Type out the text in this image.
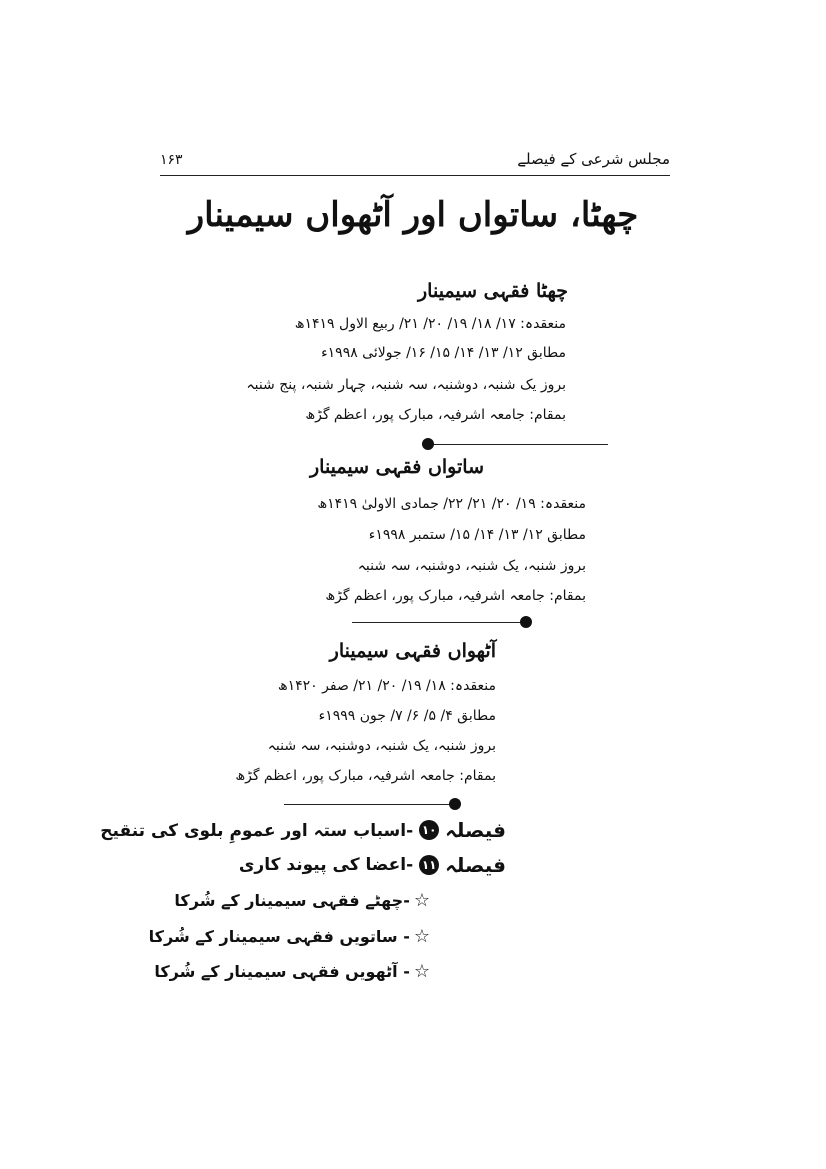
مجلس شرعی کے فیصلے
۱۶۳
چھٹا، ساتواں اور آٹھواں سیمینار
چھٹا فقہی سیمینار
منعقدہ: ۱۷/ ۱۸/ ۱۹/ ۲۰/ ۲۱/ ربیع الاول ۱۴۱۹ھ
مطابق ۱۲/ ۱۳/ ۱۴/ ۱۵/ ۱۶/ جولائی ۱۹۹۸ء
بروز یک شنبہ، دوشنبہ، سہ شنبہ، چہار شنبہ، پنج شنبہ
بمقام: جامعہ اشرفیہ، مبارک پور، اعظم گڑھ
ساتواں فقہی سیمینار
منعقدہ: ۱۹/ ۲۰/ ۲۱/ ۲۲/ جمادی الاولیٰ ۱۴۱۹ھ
مطابق ۱۲/ ۱۳/ ۱۴/ ۱۵/ ستمبر ۱۹۹۸ء
بروز شنبہ، یک شنبہ، دوشنبہ، سہ شنبہ
بمقام: جامعہ اشرفیہ، مبارک پور، اعظم گڑھ
آٹھواں فقہی سیمینار
منعقدہ: ۱۸/ ۱۹/ ۲۰/ ۲۱/ صفر ۱۴۲۰ھ
مطابق ۴/ ۵/ ۶/ ۷/ جون ۱۹۹۹ء
بروز شنبہ، یک شنبہ، دوشنبہ، سہ شنبہ
بمقام: جامعہ اشرفیہ، مبارک پور، اعظم گڑھ
فیصلہ
۱۰
-اسباب ستہ اور عمومِ بلوی کی تنقیح
فیصلہ
۱۱
-اعضا کی پیوند کاری
☆
-چھٹے فقہی سیمینار کے شُرکا
☆
- ساتویں فقہی سیمینار کے شُرکا
☆
- آٹھویں فقہی سیمینار کے شُرکا
